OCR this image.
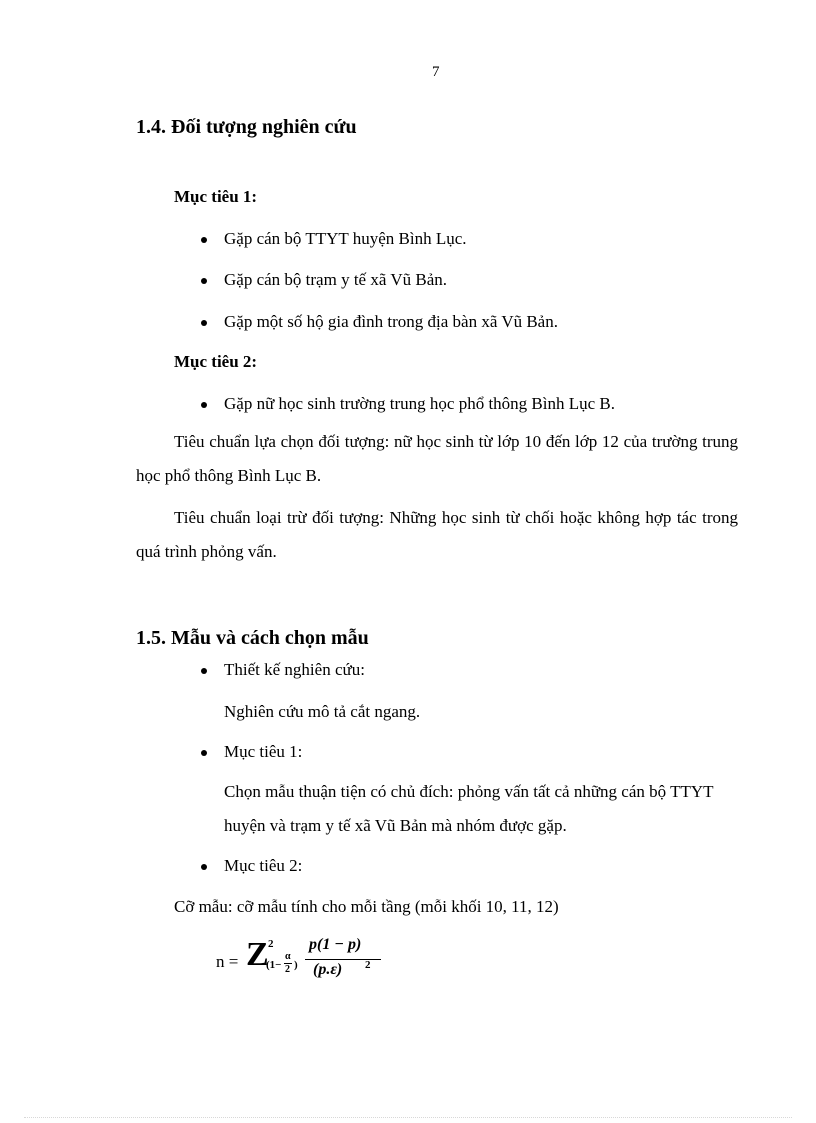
7
1.4. Đối tượng nghiên cứu
Mục tiêu 1:
Gặp cán bộ TTYT huyện Bình Lục.
Gặp cán bộ trạm y tế xã Vũ Bản.
Gặp một số hộ gia đình trong địa bàn xã Vũ Bản.
Mục tiêu 2:
Gặp nữ học sinh trường trung học phổ thông Bình Lục B.
Tiêu chuẩn lựa chọn đối tượng: nữ học sinh từ lớp 10 đến lớp 12 của trường trung học phổ thông Bình Lục B.
Tiêu chuẩn loại trừ đối tượng: Những học sinh từ chối hoặc không hợp tác trong quá trình phỏng vấn.
1.5. Mẫu và cách chọn mẫu
Thiết kế nghiên cứu:
Nghiên cứu mô tả cắt ngang.
Mục tiêu 1:
Chọn mẫu thuận tiện có chủ đích: phỏng vấn tất cả những cán bộ TTYT huyện và trạm y tế xã Vũ Bản mà nhóm được gặp.
Mục tiêu 2:
Cỡ mẫu: cỡ mẫu tính cho mỗi tầng (mỗi khối 10, 11, 12)
n = Z 2
(1−
α
2 )
p(1 − p)
(p.ε) 2
